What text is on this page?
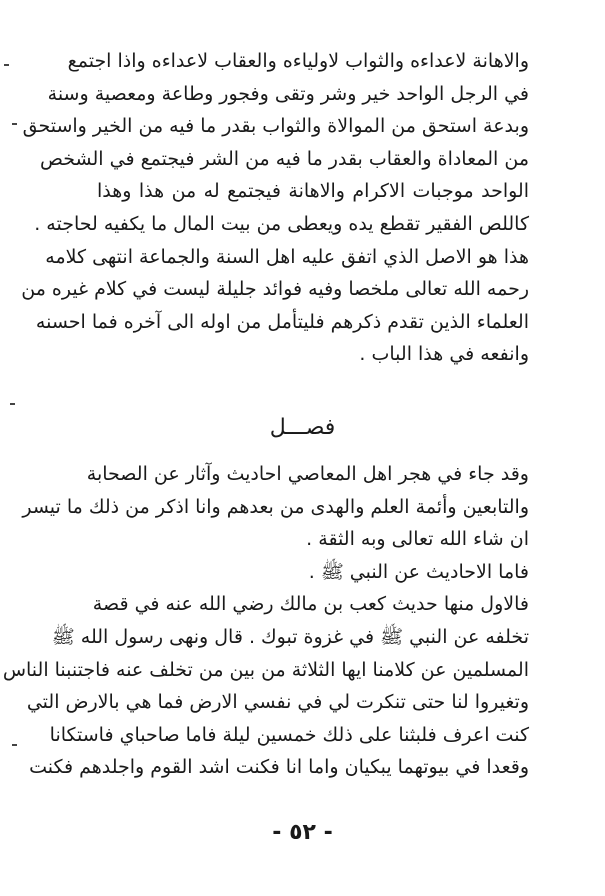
والاهانة لاعداءه والثواب لاولياءه والعقاب لاعداءه واذا اجتمع
في الرجل الواحد خير وشر وتقى وفجور وطاعة ومعصية وسنة
وبدعة استحق من الموالاة والثواب بقدر ما فيه من الخير واستحق
من المعاداة والعقاب بقدر ما فيه من الشر فيجتمع في الشخص
الواحد موجبات الاكرام والاهانة فيجتمع له من هذا وهذا
كاللص الفقير تقطع يده ويعطى من بيت المال ما يكفيه لحاجته .
هذا هو الاصل الذي اتفق عليه اهل السنة والجماعة انتهى كلامه
رحمه الله تعالى ملخصا وفيه فوائد جليلة ليست في كلام غيره من
العلماء الذين تقدم ذكرهم فليتأمل من اوله الى آخره فما احسنه
وانفعه في هذا الباب .
فصـــل
وقد جاء في هجر اهل المعاصي احاديث وآثار عن الصحابة
والتابعين وأئمة العلم والهدى من بعدهم وانا اذكر من ذلك ما تيسر
ان شاء الله تعالى وبه الثقة .
فاما الاحاديث عن النبي ﷺ .
فالاول منها حديث كعب بن مالك رضي الله عنه في قصة
تخلفه عن النبي ﷺ في غزوة تبوك . قال ونهى رسول الله ﷺ
المسلمين عن كلامنا ايها الثلاثة من بين من تخلف عنه فاجتنبنا الناس
وتغيروا لنا حتى تنكرت لي في نفسي الارض فما هي بالارض التي
كنت اعرف فلبثنا على ذلك خمسين ليلة فاما صاحباي فاستكانا
وقعدا في بيوتهما يبكيان واما انا فكنت اشد القوم واجلدهم فكنت
- ٥٢ -
